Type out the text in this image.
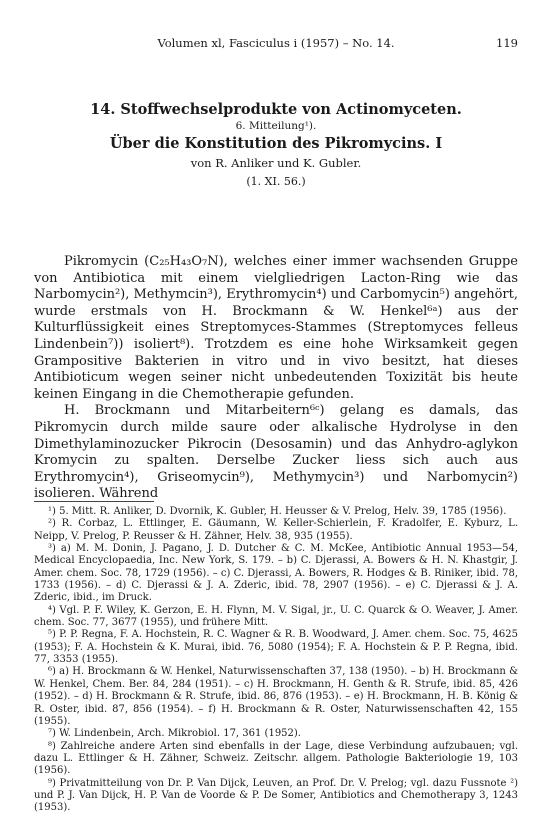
Volumen xl, Fasciculus i (1957) – No. 14.	119
14. Stoffwechselprodukte von Actinomyceten.
6. Mitteilung¹).
Über die Konstitution des Pikromycins. I
von R. Anliker und K. Gubler.
(1. XI. 56.)

Pikromycin (C₂₅H₄₃O₇N), welches einer immer wachsenden Gruppe von Antibiotica mit einem vielgliedrigen Lacton-Ring wie das Narbomycin²), Methymcin³), Erythromycin⁴) und Carbomycin⁵) angehört, wurde erstmals von H. Brockmann & W. Henkel⁶ᵃ) aus der Kulturflüssigkeit eines Streptomyces-Stammes (Streptomyces felleus Lindenbein⁷)) isoliert⁸). Trotzdem es eine hohe Wirksamkeit gegen Grampositive Bakterien in vitro und in vivo besitzt, hat dieses Antibioticum wegen seiner nicht unbedeutenden Toxizität bis heute keinen Eingang in die Chemotherapie gefunden.

H. Brockmann und Mitarbeitern⁶ᶜ) gelang es damals, das Pikromycin durch milde saure oder alkalische Hydrolyse in den Dimethylaminozucker Pikrocin (Desosamin) und das Anhydro-aglykon Kromycin zu spalten. Derselbe Zucker liess sich auch aus Erythromycin⁴), Griseomycin⁹), Methymycin³) und Narbomycin²) isolieren. Während

¹) 5. Mitt. R. Anliker, D. Dvornik, K. Gubler, H. Heusser & V. Prelog, Helv. 39, 1785 (1956).

²) R. Corbaz, L. Ettlinger, E. Gäumann, W. Keller-Schierlein, F. Kradolfer, E. Kyburz, L. Neipp, V. Prelog, P. Reusser & H. Zähner, Helv. 38, 935 (1955).

³) a) M. M. Donin, J. Pagano, J. D. Dutcher & C. M. McKee, Antibiotic Annual 1953—54, Medical Encyclopaedia, Inc. New York, S. 179. – b) C. Djerassi, A. Bowers & H. N. Khastgir, J. Amer. chem. Soc. 78, 1729 (1956). – c) C. Djerassi, A. Bowers, R. Hodges & B. Riniker, ibid. 78, 1733 (1956). – d) C. Djerassi & J. A. Zderic, ibid. 78, 2907 (1956). – e) C. Djerassi & J. A. Zderic, ibid., im Druck.

⁴) Vgl. P. F. Wiley, K. Gerzon, E. H. Flynn, M. V. Sigal, jr., U. C. Quarck & O. Weaver, J. Amer. chem. Soc. 77, 3677 (1955), und frühere Mitt.

⁵) P. P. Regna, F. A. Hochstein, R. C. Wagner & R. B. Woodward, J. Amer. chem. Soc. 75, 4625 (1953); F. A. Hochstein & K. Murai, ibid. 76, 5080 (1954); F. A. Hochstein & P. P. Regna, ibid. 77, 3353 (1955).

⁶) a) H. Brockmann & W. Henkel, Naturwissenschaften 37, 138 (1950). – b) H. Brockmann & W. Henkel, Chem. Ber. 84, 284 (1951). – c) H. Brockmann, H. Genth & R. Strufe, ibid. 85, 426 (1952). – d) H. Brockmann & R. Strufe, ibid. 86, 876 (1953). – e) H. Brockmann, H. B. König & R. Oster, ibid. 87, 856 (1954). – f) H. Brockmann & R. Oster, Naturwissenschaften 42, 155 (1955).

⁷) W. Lindenbein, Arch. Mikrobiol. 17, 361 (1952).

⁸) Zahlreiche andere Arten sind ebenfalls in der Lage, diese Verbindung aufzubauen; vgl. dazu L. Ettlinger & H. Zähner, Schweiz. Zeitschr. allgem. Pathologie Bakteriologie 19, 103 (1956).

⁹) Privatmitteilung von Dr. P. Van Dijck, Leuven, an Prof. Dr. V. Prelog; vgl. dazu Fussnote ²) und P. J. Van Dijck, H. P. Van de Voorde & P. De Somer, Antibiotics and Chemotherapy 3, 1243 (1953).
